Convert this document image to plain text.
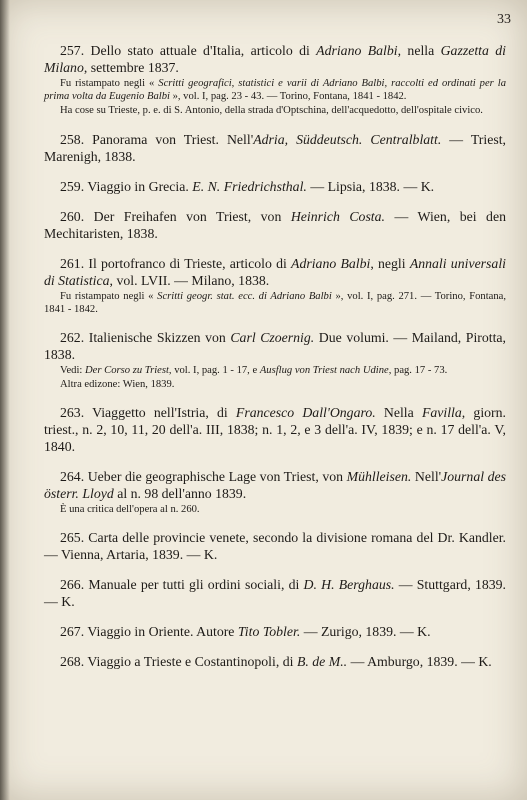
33

257. Dello stato attuale d'Italia, articolo di Adriano Balbi, nella Gazzetta di Milano, settembre 1837.

Fu ristampato negli « Scritti geografici, statistici e varii di Adriano Balbi, raccolti ed ordinati per la prima volta da Eugenio Balbi », vol. I, pag. 23 - 43. — Torino, Fontana, 1841 - 1842.

Ha cose su Trieste, p. e. di S. Antonio, della strada d'Optschina, dell'acquedotto, dell'ospitale civico.

258. Panorama von Triest. Nell'Adria, Süddeutsch. Centralblatt. — Triest, Marenigh, 1838.

259. Viaggio in Grecia. E. N. Friedrichsthal. — Lipsia, 1838. — K.

260. Der Freihafen von Triest, von Heinrich Costa. — Wien, bei den Mechitaristen, 1838.

261. Il portofranco di Trieste, articolo di Adriano Balbi, negli Annali universali di Statistica, vol. LVII. — Milano, 1838.

Fu ristampato negli « Scritti geogr. stat. ecc. di Adriano Balbi », vol. I, pag. 271. — Torino, Fontana, 1841 - 1842.

262. Italienische Skizzen von Carl Czoernig. Due volumi. — Mailand, Pirotta, 1838.

Vedi: Der Corso zu Triest, vol. I, pag. 1 - 17, e Ausflug von Triest nach Udine, pag. 17 - 73.

Altra edizone: Wien, 1839.

263. Viaggetto nell'Istria, di Francesco Dall'Ongaro. Nella Favilla, giorn. triest., n. 2, 10, 11, 20 dell'a. III, 1838; n. 1, 2, e 3 dell'a. IV, 1839; e n. 17 dell'a. V, 1840.

264. Ueber die geographische Lage von Triest, von Mühlleisen. Nell'Journal des österr. Lloyd al n. 98 dell'anno 1839.

È una critica dell'opera al n. 260.

265. Carta delle provincie venete, secondo la divisione romana del Dr. Kandler. — Vienna, Artaria, 1839. — K.

266. Manuale per tutti gli ordini sociali, di D. H. Berghaus. — Stuttgard, 1839. — K.

267. Viaggio in Oriente. Autore Tito Tobler. — Zurigo, 1839. — K.

268. Viaggio a Trieste e Costantinopoli, di B. de M.. — Amburgo, 1839. — K.
